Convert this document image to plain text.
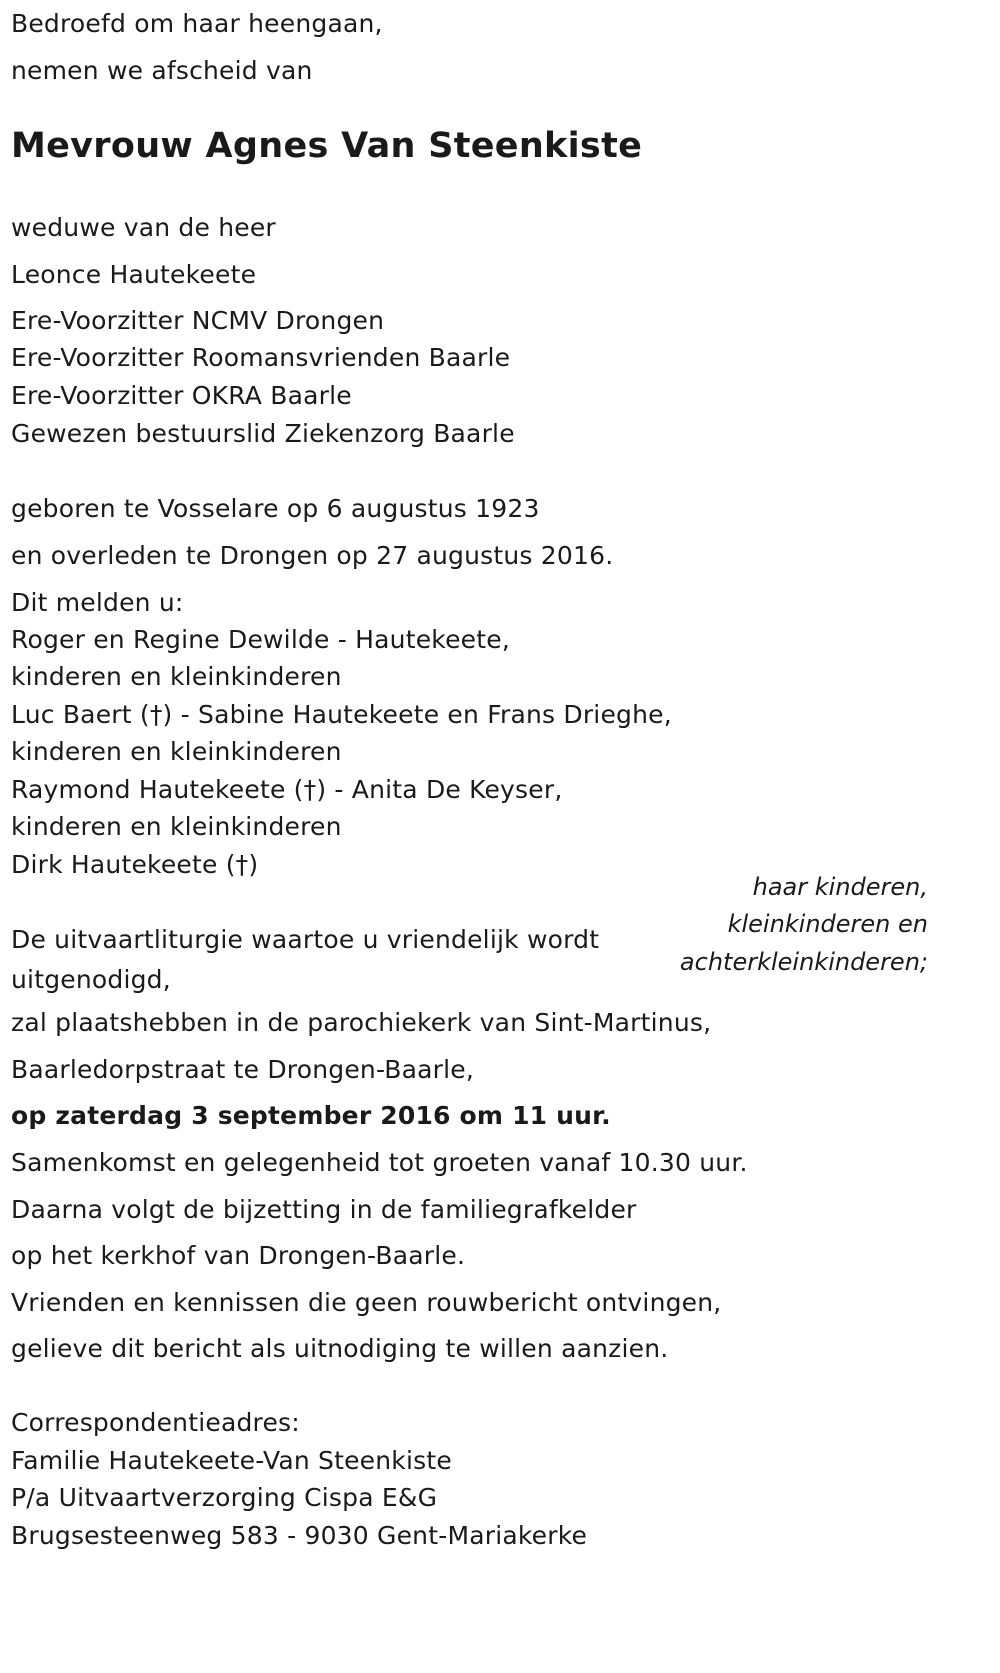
Bedroefd om haar heengaan,
nemen we afscheid van
Mevrouw Agnes Van Steenkiste
weduwe van de heer
Leonce Hautekeete
Ere-Voorzitter NCMV Drongen
Ere-Voorzitter Roomansvrienden Baarle
Ere-Voorzitter OKRA Baarle
Gewezen bestuurslid Ziekenzorg Baarle
geboren te Vosselare op 6 augustus 1923
en overleden te Drongen op 27 augustus 2016.
Dit melden u:
Roger en Regine Dewilde - Hautekeete,
kinderen en kleinkinderen
Luc Baert (†) - Sabine Hautekeete en Frans Drieghe,
kinderen en kleinkinderen
Raymond Hautekeete (†) - Anita De Keyser,
kinderen en kleinkinderen
Dirk Hautekeete (†)
haar kinderen,
kleinkinderen en
achterkleinkinderen;
De uitvaartliturgie waartoe u vriendelijk wordt uitgenodigd,
zal plaatshebben in de parochiekerk van Sint-Martinus,
Baarledorpstraat te Drongen-Baarle,
op zaterdag 3 september 2016 om 11 uur.
Samenkomst en gelegenheid tot groeten vanaf 10.30 uur.
Daarna volgt de bijzetting in de familiegrafkelder
op het kerkhof van Drongen-Baarle.
Vrienden en kennissen die geen rouwbericht ontvingen,
gelieve dit bericht als uitnodiging te willen aanzien.
Correspondentieadres:
Familie Hautekeete-Van Steenkiste
P/a Uitvaartverzorging Cispa E&G
Brugsesteenweg 583 - 9030 Gent-Mariakerke
